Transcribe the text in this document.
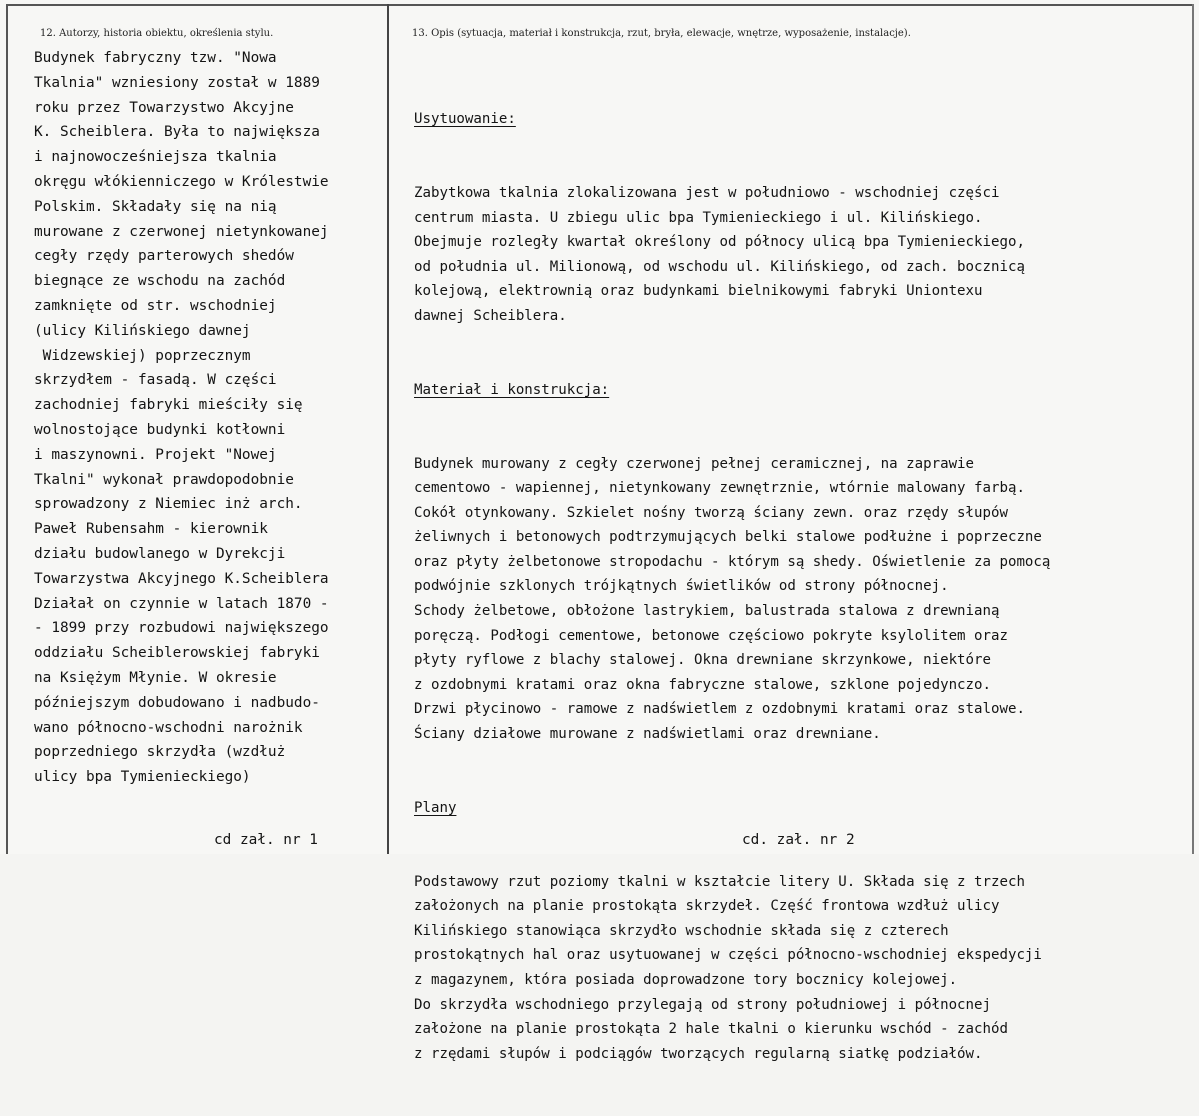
12. Autorzy, historia obiektu, określenia stylu.
Budynek fabryczny tzw. "Nowa
Tkalnia" wzniesiony został w 1889
roku przez Towarzystwo Akcyjne
K. Scheiblera. Była to największa
i najnowocześniejsza tkalnia
okręgu włókienniczego w Królestwie
Polskim. Składały się na nią
murowane z czerwonej nietynkowanej
cegły rzędy parterowych shedów
biegnące ze wschodu na zachód
zamknięte od str. wschodniej
(ulicy Kilińskiego dawnej
Widzewskiej) poprzecznym
skrzydłem - fasadą. W części
zachodniej fabryki mieściły się
wolnostojące budynki kotłowni
i maszynowni. Projekt "Nowej
Tkalni" wykonał prawdopodobnie
sprowadzony z Niemiec inż arch.
Paweł Rubensahm - kierownik
działu budowlanego w Dyrekcji
Towarzystwa Akcyjnego K.Scheiblera
Działał on czynnie w latach 1870 -
- 1899 przy rozbudowi największego
oddziału Scheiblerowskiej fabryki
na Księżym Młynie. W okresie
późniejszym dobudowano i nadbudo-
wano północno-wschodni narożnik
poprzedniego skrzydła (wzdłuż
ulicy bpa Tymienieckiego)
cd zał. nr 1
13. Opis (sytuacja, materiał i konstrukcja, rzut, bryła, elewacje, wnętrze, wyposażenie, instalacje).

Usytuowanie:

Zabytkowa tkalnia zlokalizowana jest w południowo - wschodniej części
centrum miasta. U zbiegu ulic bpa Tymienieckiego i ul. Kilińskiego.
Obejmuje rozległy kwartał określony od północy ulicą bpa Tymienieckiego,
od południa ul. Milionową, od wschodu ul. Kilińskiego, od zach. bocznicą
kolejową, elektrownią oraz budynkami bielnikowymi fabryki Uniontexu
dawnej Scheiblera.

Materiał i konstrukcja:

Budynek murowany z cegły czerwonej pełnej ceramicznej, na zaprawie
cementowo - wapiennej, nietynkowany zewnętrznie, wtórnie malowany farbą.
Cokół otynkowany. Szkielet nośny tworzą ściany zewn. oraz rzędy słupów
żeliwnych i betonowych podtrzymujących belki stalowe podłużne i poprzeczne
oraz płyty żelbetonowe stropodachu - którym są shedy. Oświetlenie za pomocą
podwójnie szklonych trójkątnych świetlików od strony północnej.
Schody żelbetowe, obłożone lastrykiem, balustrada stalowa z drewnianą
poręczą. Podłogi cementowe, betonowe częściowo pokryte ksylolitem oraz
płyty ryflowe z blachy stalowej. Okna drewniane skrzynkowe, niektóre
z ozdobnymi kratami oraz okna fabryczne stalowe, szklone pojedynczo.
Drzwi płycinowo - ramowe z nadświetlem z ozdobnymi kratami oraz stalowe.
Ściany działowe murowane z nadświetlami oraz drewniane.

Plany

Podstawowy rzut poziomy tkalni w kształcie litery U. Składa się z trzech
założonych na planie prostokąta skrzydeł. Część frontowa wzdłuż ulicy
Kilińskiego stanowiąca skrzydło wschodnie składa się z czterech
prostokątnych hal oraz usytuowanej w części północno-wschodniej ekspedycji
z magazynem, która posiada doprowadzone tory bocznicy kolejowej.
Do skrzydła wschodniego przylegają od strony południowej i północnej
założone na planie prostokąta 2 hale tkalni o kierunku wschód - zachód
z rzędami słupów i podciągów tworzących regularną siatkę podziałów.

cd. zał. nr 2
